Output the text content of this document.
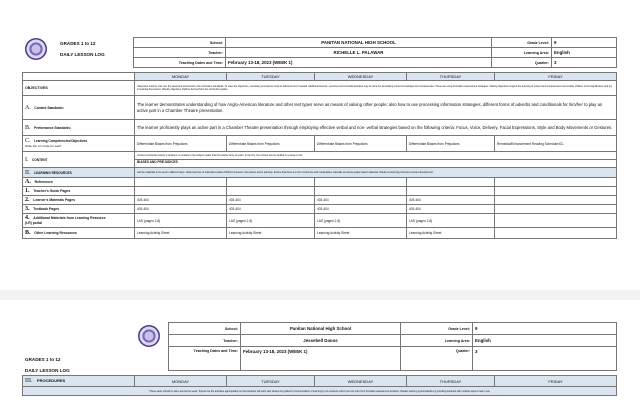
GRADES 1 to 12
DAILY LESSON LOG
School:	PANITAN NATIONAL HIGH SCHOOL	Grade Level:	9
Teacher:	RICHELLE L. PALAWAR	Learning Area:	English
Teaching Dates and Time:	February 13-18, 2023 (WEEK 1)	Quarter:	3
	MONDAY	TUESDAY	WEDNESDAY	THURSDAY	FRIDAY
OBJECTIVES	Objectives must be met over the week and connected to the curriculum standards. To meet the objectives, necessary procedures must be followed and if needed, additional lessons, exercises and remedial activities may be done for developing content knowledge and competencies. These are using Formative Assessment strategies. Valuing objectives support the learning of content and competencies and enable children to find significance and joy in learning the lessons. Weekly objectives shall be derived from the curriculum guides.				
A. Content Standards:	The learner demonstrates understanding of how Anglo-American literature and other text types serve as means of valuing other people; also how to use processing information strategies, different forms of adverbs and conditionals for him/her to play an active part in a Chamber Theatre presentation.				
B. Performance Standards:	The learner proficiently plays an active part in a Chamber Theatre presentation through employing effective verbal and non- verbal strategies based on the following criteria: Focus, Voice, Delivery, Facial Expressions, Style and Body Movements or Gestures.				
C. Learning Competencies/Objectives
Write the LC Code for each	Differentiate Biases from Prejudices	Differentiate Biases from Prejudices	Differentiate Biases from Prejudices	Differentiate Biases from Prejudices	Remedial/Enhancement Reading Schedule/ICL
I. CONTENT	Content is what the lesson is all about. It pertains to the subject matter that the teacher aims to teach. In the CG, the content can be tackled in a week or two.				
	BIASES AND PREJUDICES				
II. LEARNING RESOURCES	List the materials to be used in different days. Varied sources of materials sustain children's interest in the lesson and in learning. Ensure that there is a mix of concrete and manipulative materials as well as paper-based materials. Hands-on learning promotes concept development.				
A. References					
1. Teacher's Guide Pages					
2. Learner's Materials Pages	403-404	403-404	403-404	403-404	
3. Textbook Pages	403-404	403-404	403-404	403-404	
4. Additional Materials from Learning Resource
(LR) portal	LAS (pages 1-8)	LAS (pages 1-8)	LAS (pages 1-8)	LAS (pages 1-8)	
B. Other Learning Resources	Learning Activity Sheet	Learning Activity Sheet	Learning Activity Sheet	Learning Activity Sheet	
School:	Panitan National High School	Grade Level:	9
Teacher:	Jessebell Danos	Learning Area:	English
Teaching Dates and Time:	February 13-18, 2023 (WEEK 1)	Quarter:	3
GRADES 1 to 12
DAILY LESSON LOG
III. PROCEDURES	MONDAY	TUESDAY	WEDNESDAY	THURSDAY	FRIDAY
These steps should be done across the week. Spread out the activities appropriately so that students will learn well. Always be guided by demonstration of learning by the students which you can infer from formative assessment activities. Sustain learning systematically by providing students with multiple ways to learn new
